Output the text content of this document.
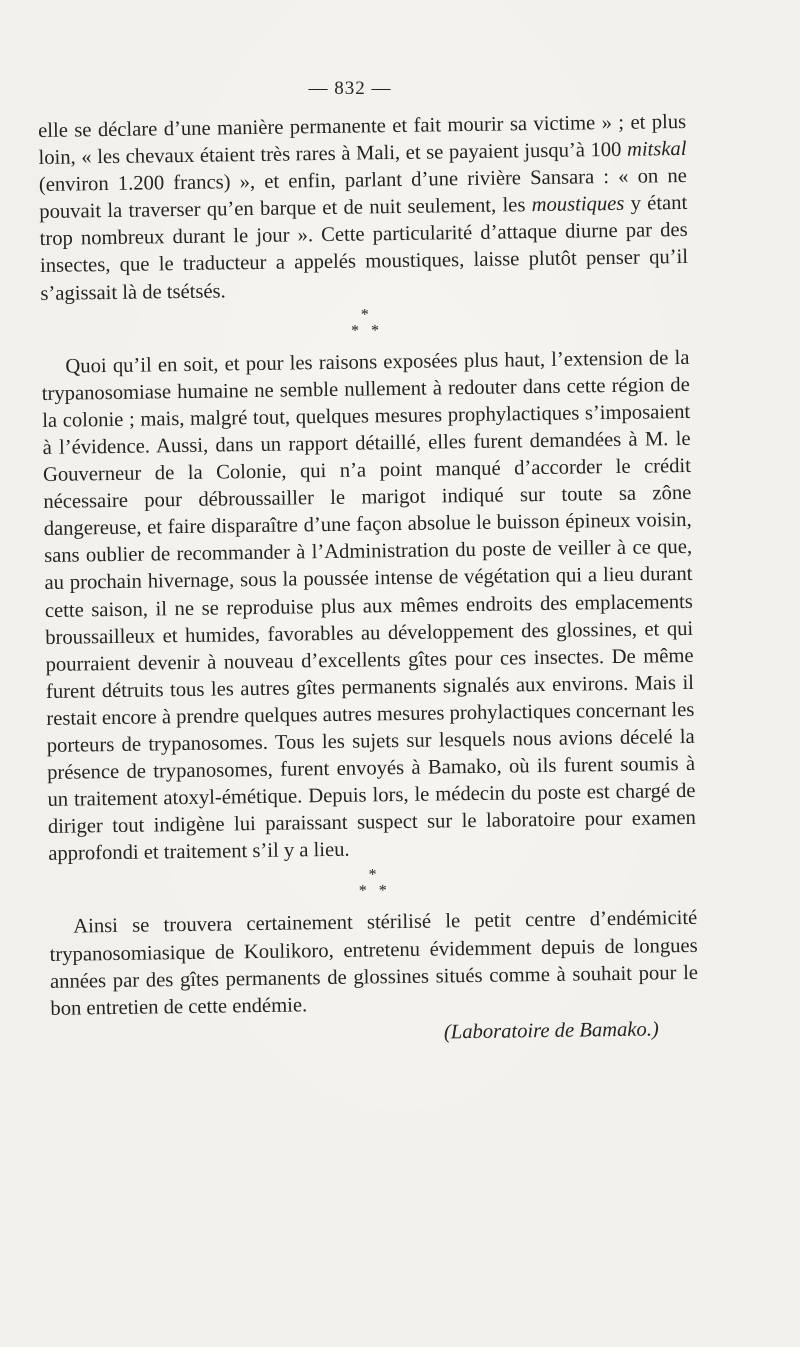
— 832 —

elle se déclare d’une manière permanente et fait mourir sa victime » ; et plus loin, « les chevaux étaient très rares à Mali, et se payaient jusqu’à 100 mitskal (environ 1.200 francs) », et enfin, parlant d’une rivière Sansara : « on ne pouvait la traverser qu’en barque et de nuit seulement, les moustiques y étant trop nombreux durant le jour ». Cette particularité d’attaque diurne par des insectes, que le traducteur a appelés moustiques, laisse plutôt penser qu’il s’agissait là de tsétsés.

*
* *

Quoi qu’il en soit, et pour les raisons exposées plus haut, l’extension de la trypanosomiase humaine ne semble nullement à redouter dans cette région de la colonie ; mais, malgré tout, quelques mesures prophylactiques s’imposaient à l’évidence. Aussi, dans un rapport détaillé, elles furent demandées à M. le Gouverneur de la Colonie, qui n’a point manqué d’accorder le crédit nécessaire pour débroussailler le marigot indiqué sur toute sa zône dangereuse, et faire disparaître d’une façon absolue le buisson épineux voisin, sans oublier de recommander à l’Administration du poste de veiller à ce que, au prochain hivernage, sous la poussée intense de végétation qui a lieu durant cette saison, il ne se reproduise plus aux mêmes endroits des emplacements broussailleux et humides, favorables au développement des glossines, et qui pourraient devenir à nouveau d’excellents gîtes pour ces insectes. De même furent détruits tous les autres gîtes permanents signalés aux environs. Mais il restait encore à prendre quelques autres mesures prohylactiques concernant les porteurs de trypanosomes. Tous les sujets sur lesquels nous avions décelé la présence de trypanosomes, furent envoyés à Bamako, où ils furent soumis à un traitement atoxyl-émétique. Depuis lors, le médecin du poste est chargé de diriger tout indigène lui paraissant suspect sur le laboratoire pour examen approfondi et traitement s’il y a lieu.

*
* *

Ainsi se trouvera certainement stérilisé le petit centre d’endémicité trypanosomiasique de Koulikoro, entretenu évidemment depuis de longues années par des gîtes permanents de glossines situés comme à souhait pour le bon entretien de cette endémie.

(Laboratoire de Bamako.)
